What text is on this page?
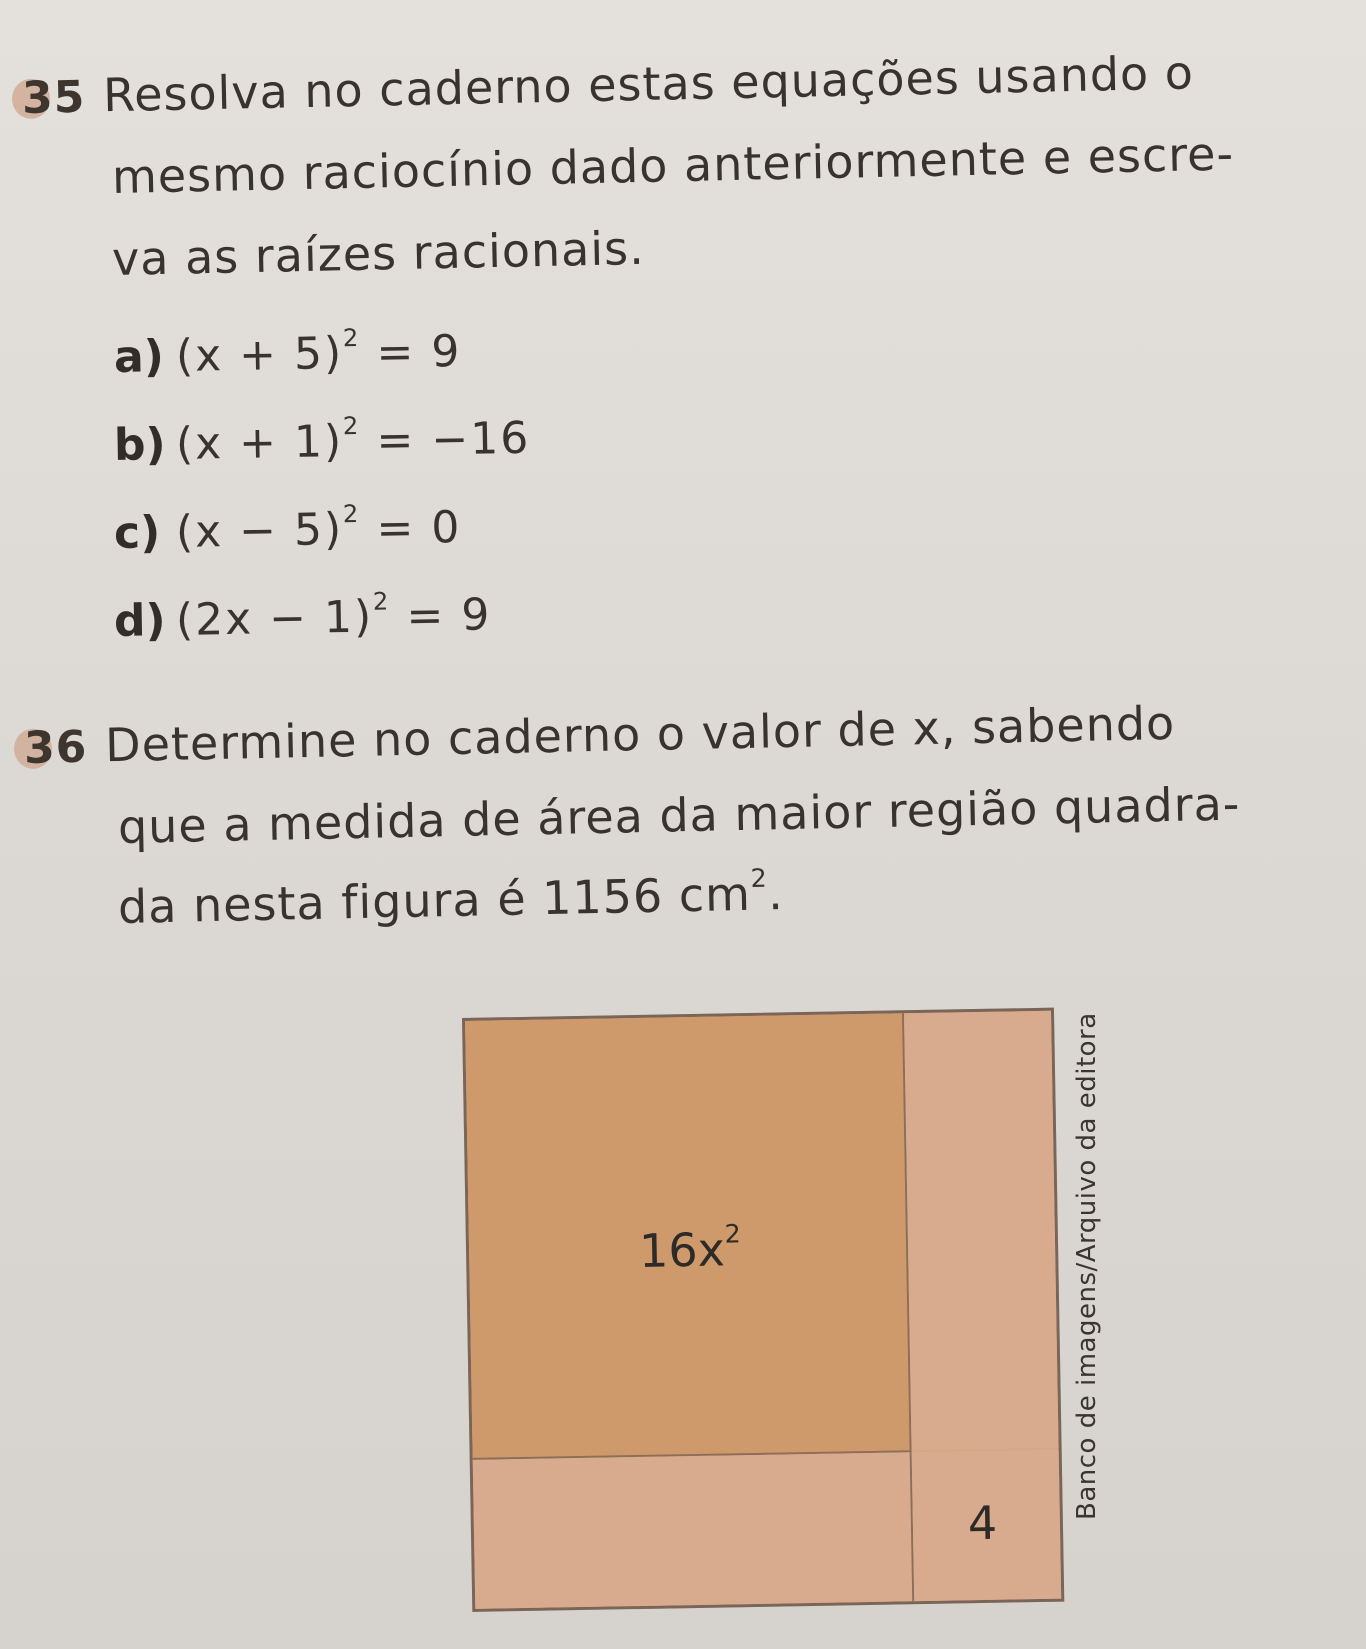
35 Resolva no caderno estas equações usando o
mesmo raciocínio dado anteriormente e escre-
va as raízes racionais.
a) $(x + 5)^2 = 9$
b) $(x + 1)^2 = -16$
c) $(x - 5)^2 = 0$
d) $(2x - 1)^2 = 9$
36 Determine no caderno o valor de x, sabendo
que a medida de área da maior região quadra-
da nesta figura é 1156 $cm^2$.
$16x^2$
4
Banco de imagens/Arquivo da editora
